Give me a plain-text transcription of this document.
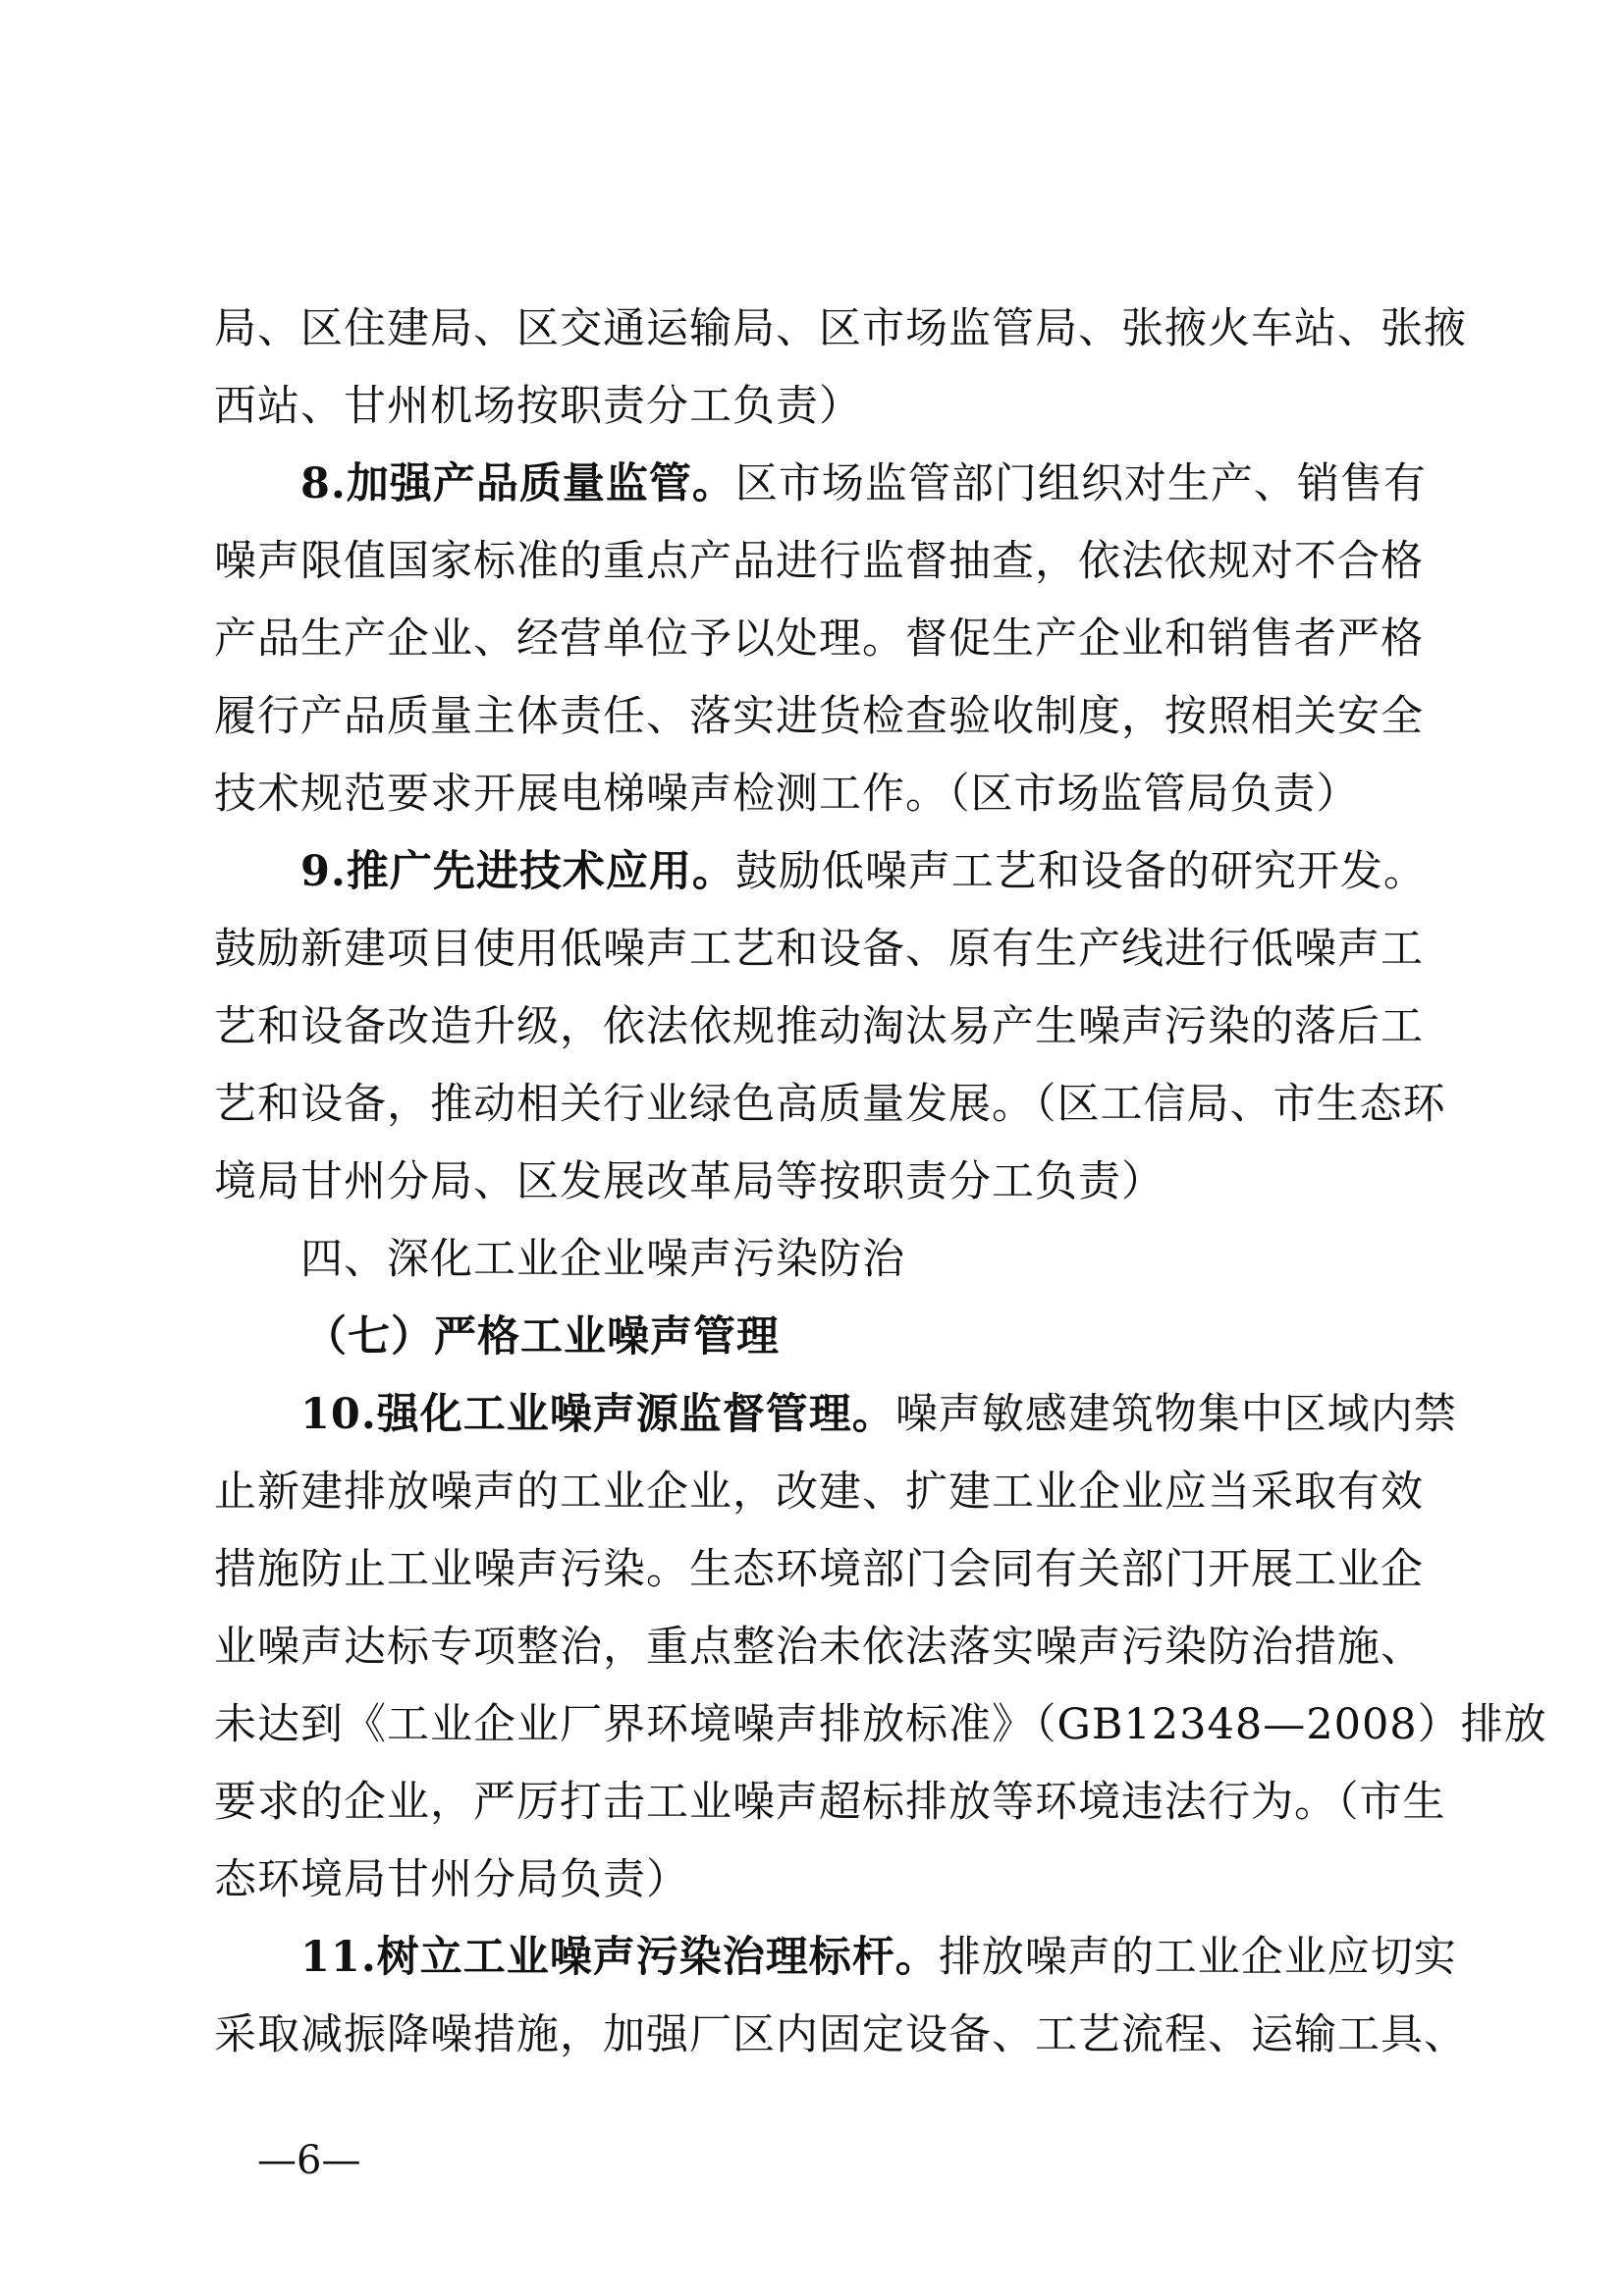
局、区住建局、区交通运输局、区市场监管局、张掖火车站、张掖
西站、甘州机场按职责分工负责）
8.加强产品质量监管。区市场监管部门组织对生产、销售有
噪声限值国家标准的重点产品进行监督抽查，依法依规对不合格
产品生产企业、经营单位予以处理。督促生产企业和销售者严格
履行产品质量主体责任、落实进货检查验收制度，按照相关安全
技术规范要求开展电梯噪声检测工作。（区市场监管局负责）
9.推广先进技术应用。鼓励低噪声工艺和设备的研究开发。
鼓励新建项目使用低噪声工艺和设备、原有生产线进行低噪声工
艺和设备改造升级，依法依规推动淘汰易产生噪声污染的落后工
艺和设备，推动相关行业绿色高质量发展。（区工信局、市生态环
境局甘州分局、区发展改革局等按职责分工负责）
四、深化工业企业噪声污染防治
（七）严格工业噪声管理
10.强化工业噪声源监督管理。噪声敏感建筑物集中区域内禁
止新建排放噪声的工业企业，改建、扩建工业企业应当采取有效
措施防止工业噪声污染。生态环境部门会同有关部门开展工业企
业噪声达标专项整治，重点整治未依法落实噪声污染防治措施、
未达到《工业企业厂界环境噪声排放标准》（GB12348—2008）排放
要求的企业，严厉打击工业噪声超标排放等环境违法行为。（市生
态环境局甘州分局负责）
11.树立工业噪声污染治理标杆。排放噪声的工业企业应切实
采取减振降噪措施，加强厂区内固定设备、工艺流程、运输工具、
—6—
